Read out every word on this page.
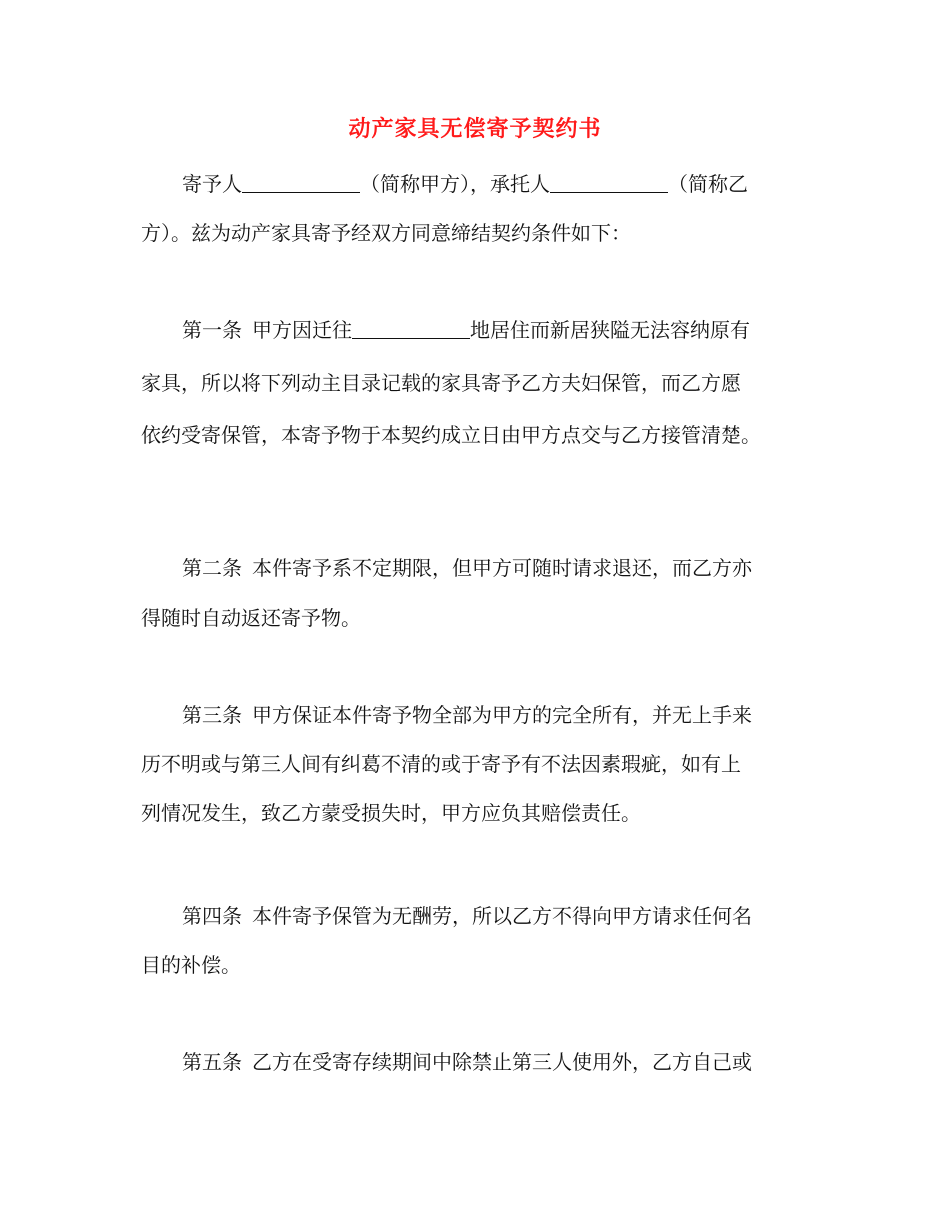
动产家具无偿寄予契约书
寄予人	（简称甲方），承托人	（简称乙
方）。兹为动产家具寄予经双方同意缔结契约条件如下：
第一条 甲方因迁往	地居住而新居狭隘无法容纳原有
家具，所以将下列动主目录记载的家具寄予乙方夫妇保管，而乙方愿
依约受寄保管，本寄予物于本契约成立日由甲方点交与乙方接管清楚。
第二条 本件寄予系不定期限，但甲方可随时请求退还，而乙方亦
得随时自动返还寄予物。
第三条 甲方保证本件寄予物全部为甲方的完全所有，并无上手来
历不明或与第三人间有纠葛不清的或于寄予有不法因素瑕疵，如有上
列情况发生，致乙方蒙受损失时，甲方应负其赔偿责任。
第四条 本件寄予保管为无酬劳，所以乙方不得向甲方请求任何名
目的补偿。
第五条 乙方在受寄存续期间中除禁止第三人使用外，乙方自己或
